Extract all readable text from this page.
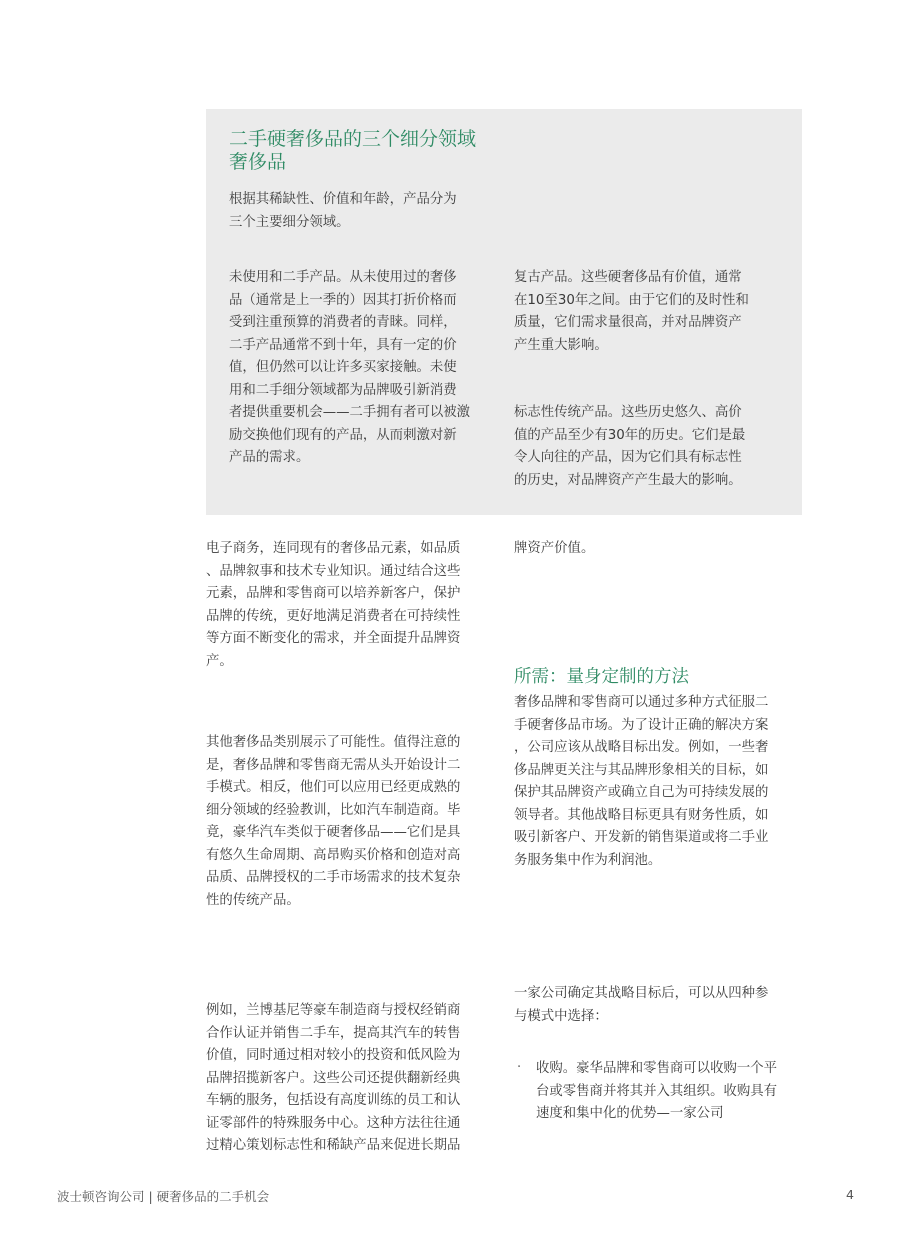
二手硬奢侈品的三个细分领域
奢侈品

根据其稀缺性、价值和年龄，产品分为
三个主要细分领域。

未使用和二手产品。从未使用过的奢侈
品（通常是上一季的）因其打折价格而
受到注重预算的消费者的青睐。同样，
二手产品通常不到十年，具有一定的价
值，但仍然可以让许多买家接触。未使
用和二手细分领域都为品牌吸引新消费
者提供重要机会——二手拥有者可以被激
励交换他们现有的产品，从而刺激对新
产品的需求。

复古产品。这些硬奢侈品有价值，通常
在10至30年之间。由于它们的及时性和
质量，它们需求量很高，并对品牌资产
产生重大影响。

标志性传统产品。这些历史悠久、高价
值的产品至少有30年的历史。它们是最
令人向往的产品，因为它们具有标志性
的历史，对品牌资产产生最大的影响。

电子商务，连同现有的奢侈品元素，如品质
、品牌叙事和技术专业知识。通过结合这些
元素，品牌和零售商可以培养新客户，保护
品牌的传统，更好地满足消费者在可持续性
等方面不断变化的需求，并全面提升品牌资
产。

其他奢侈品类别展示了可能性。值得注意的
是，奢侈品牌和零售商无需从头开始设计二
手模式。相反，他们可以应用已经更成熟的
细分领域的经验教训，比如汽车制造商。毕
竟，豪华汽车类似于硬奢侈品——它们是具
有悠久生命周期、高昂购买价格和创造对高
品质、品牌授权的二手市场需求的技术复杂
性的传统产品。

例如，兰博基尼等豪车制造商与授权经销商
合作认证并销售二手车，提高其汽车的转售
价值，同时通过相对较小的投资和低风险为
品牌招揽新客户。这些公司还提供翻新经典
车辆的服务，包括设有高度训练的员工和认
证零部件的特殊服务中心。这种方法往往通
过精心策划标志性和稀缺产品来促进长期品

牌资产价值。

所需：量身定制的方法

奢侈品牌和零售商可以通过多种方式征服二
手硬奢侈品市场。为了设计正确的解决方案
，公司应该从战略目标出发。例如，一些奢
侈品牌更关注与其品牌形象相关的目标，如
保护其品牌资产或确立自己为可持续发展的
领导者。其他战略目标更具有财务性质，如
吸引新客户、开发新的销售渠道或将二手业
务服务集中作为利润池。

一家公司确定其战略目标后，可以从四种参
与模式中选择：

· 收购。豪华品牌和零售商可以收购一个平
台或零售商并将其并入其组织。收购具有
速度和集中化的优势—一家公司

波士顿咨询公司 | 硬奢侈品的二手机会	4
